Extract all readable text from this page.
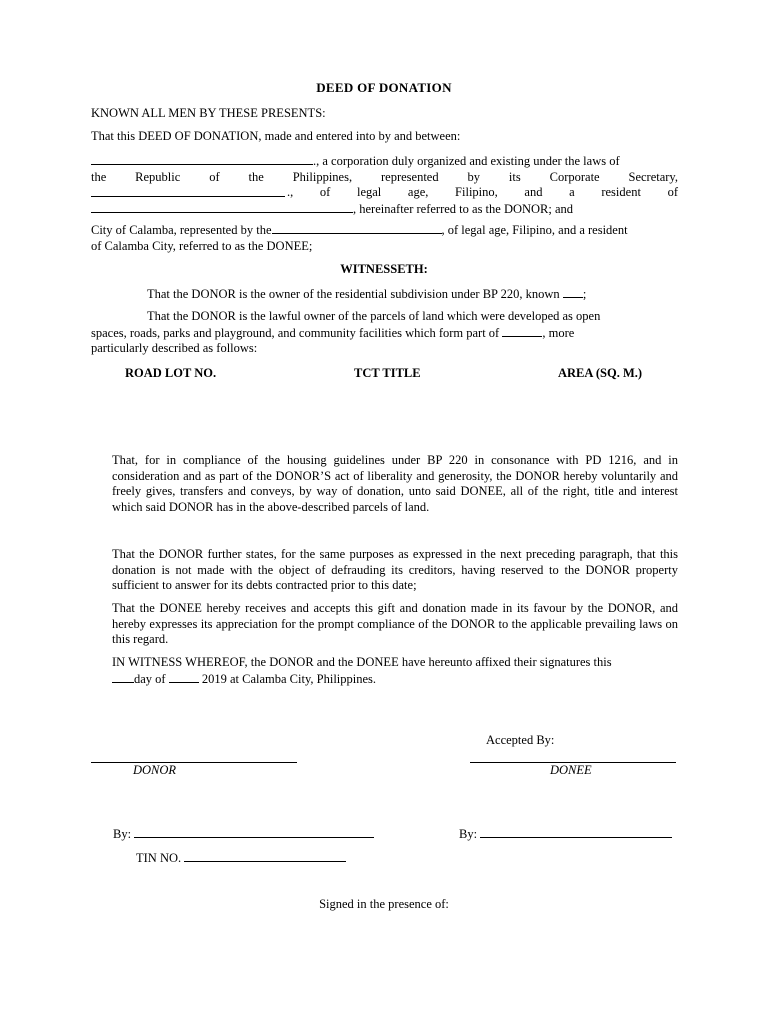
DEED OF DONATION
KNOWN ALL MEN BY THESE PRESENTS:
That this DEED OF DONATION, made and entered into by and between:
., a corporation duly organized and existing under the laws of
the Republic of the Philippines, represented by its Corporate Secretary,
., of legal age, Filipino, and a resident of
, hereinafter referred to as the DONOR; and
City of Calamba, represented by the	, of legal age, Filipino, and a resident
of Calamba City, referred to as the DONEE;
WITNESSETH:
That the DONOR is the owner of the residential subdivision under BP 220, known ;
That the DONOR is the lawful owner of the parcels of land which were developed as open
spaces, roads, parks and playground, and community facilities which form part of	, more
particularly described as follows:
ROAD LOT NO.	TCT TITLE	AREA (SQ. M.)
That, for in compliance of the housing guidelines under BP 220 in consonance with PD 1216, and in consideration and as part of the DONOR’S act of liberality and generosity, the DONOR hereby voluntarily and freely gives, transfers and conveys, by way of donation, unto said DONEE, all of the right, title and interest which said DONOR has in the above-described parcels of land.
That the DONOR further states, for the same purposes as expressed in the next preceding paragraph, that this donation is not made with the object of defrauding its creditors, having reserved to the DONOR property sufficient to answer for its debts contracted prior to this date;
That the DONEE hereby receives and accepts this gift and donation made in its favour by the DONOR, and hereby expresses its appreciation for the prompt compliance of the DONOR to the applicable prevailing laws on this regard.
IN WITNESS WHEREOF, the DONOR and the DONEE have hereunto affixed their signatures this
day of	2019 at Calamba City, Philippines.
Accepted By:
DONOR	DONEE
By:	By:
TIN NO.
Signed in the presence of:
